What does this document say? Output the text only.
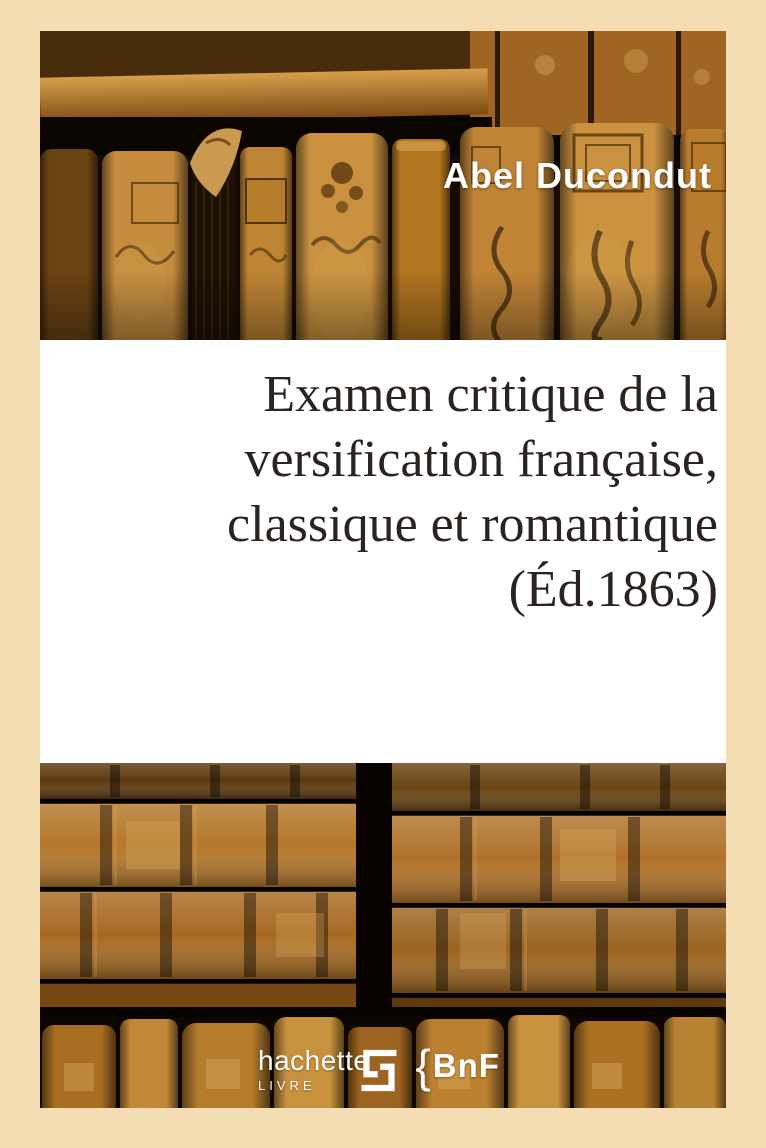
Abel Ducondut
Examen critique de la
versification française,
classique et romantique
(Éd.1863)
hachette
LIVRE	{ BnF
